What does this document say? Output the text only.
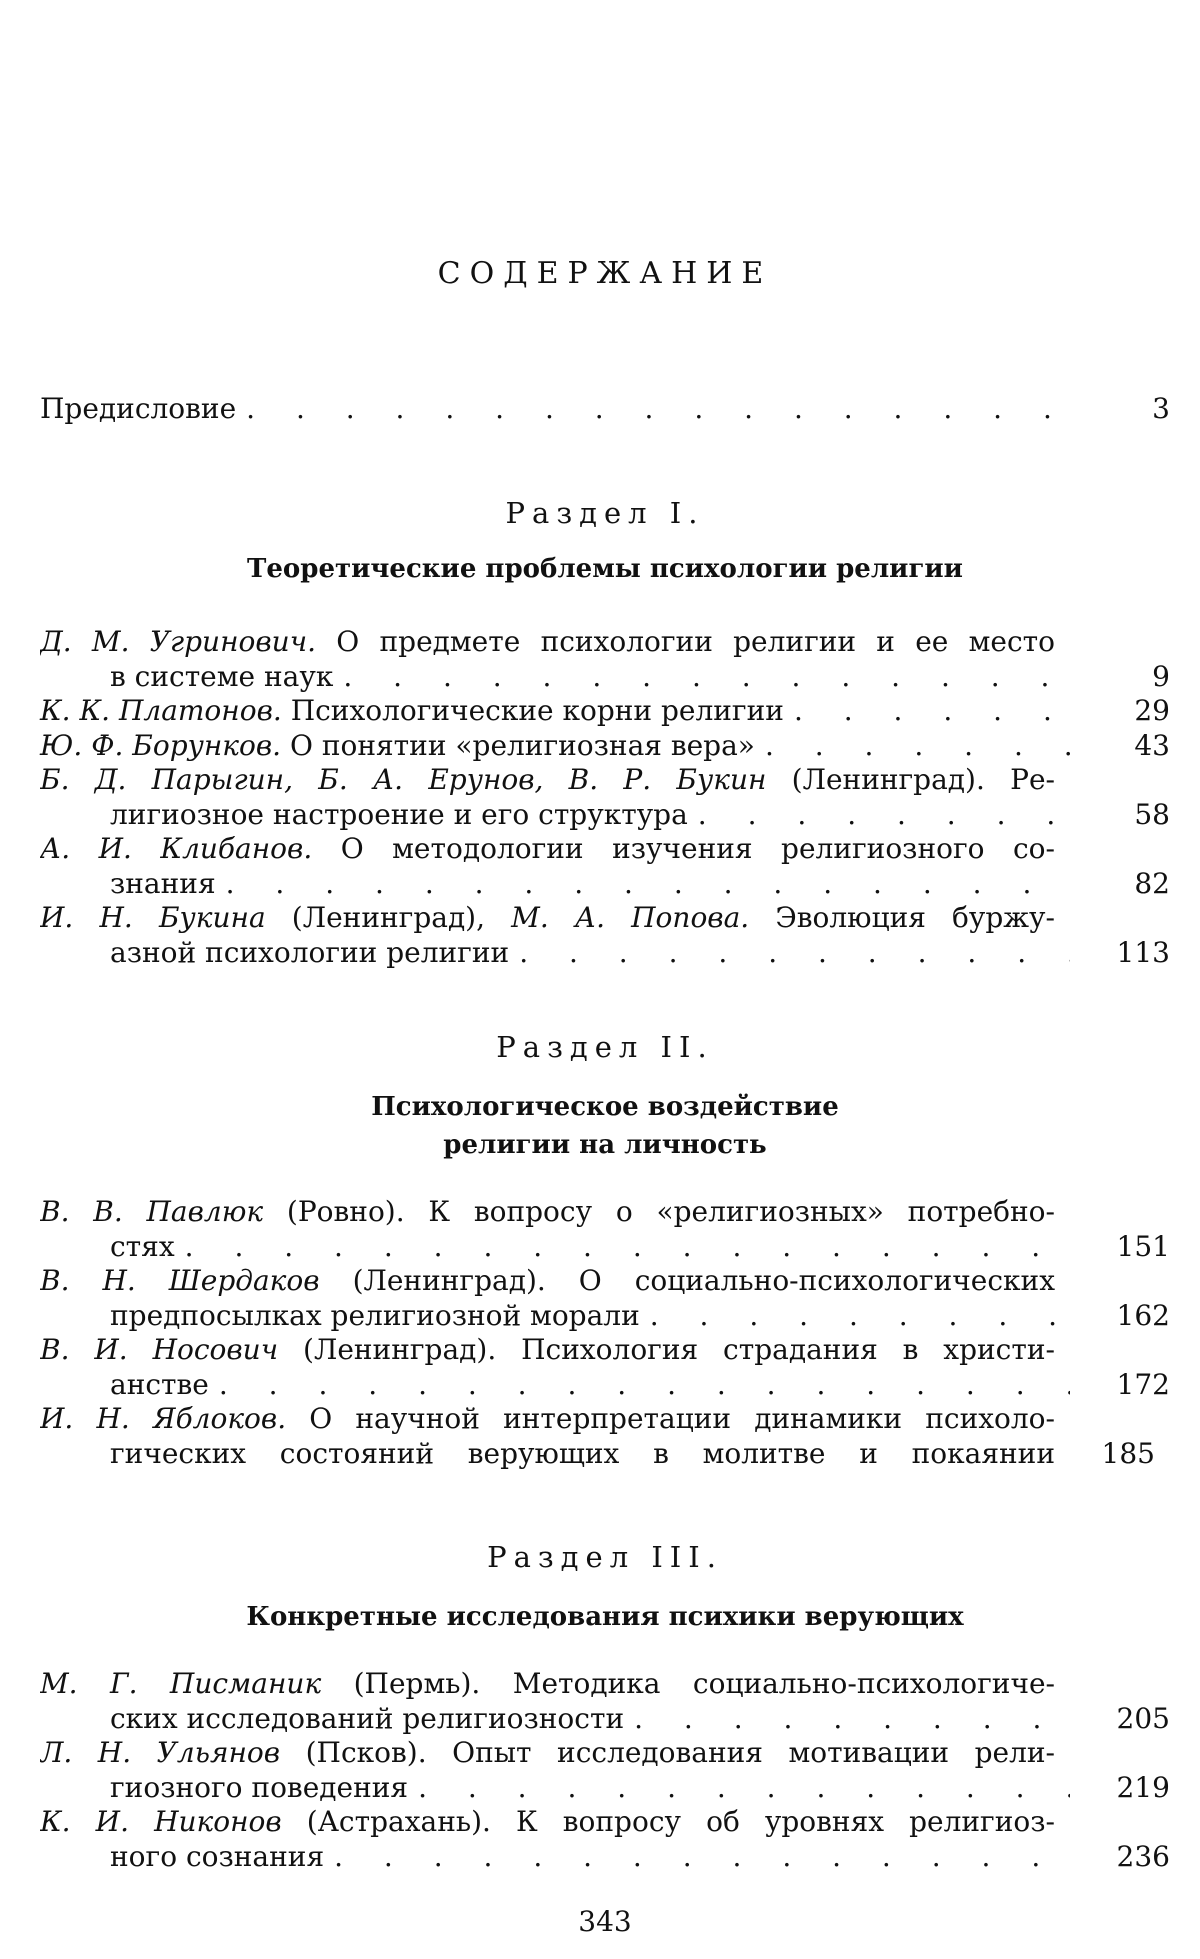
СОДЕРЖАНИЕ
Предисловие . . .	3
Раздел I.
Теоретические проблемы психологии религии
Д. М. Угринович. О предмете психологии религии и ее место
в системе наук . . .	9
К. К. Платонов. Психологические корни религии . . .	29
Ю. Ф. Борунков. О понятии «религиозная вера» . . .	43
Б. Д. Парыгин, Б. А. Ерунов, В. Р. Букин (Ленинград). Ре-
лигиозное настроение и его структура . . .	58
А. И. Клибанов. О методологии изучения религиозного со-
знания . . .	82
И. Н. Букина (Ленинград), М. А. Попова. Эволюция буржу-
азной психологии религии . . .	113
Раздел II.
Психологическое воздействие
религии на личность
В. В. Павлюк (Ровно). К вопросу о «религиозных» потребно-
стях . . .	151
В. Н. Шердаков (Ленинград). О социально-психологических
предпосылках религиозной морали . . .	162
В. И. Носович (Ленинград). Психология страдания в христи-
анстве . . .	172
И. Н. Яблоков. О научной интерпретации динамики психоло-
гических состояний верующих в молитве и покаянии	185
Раздел III.
Конкретные исследования психики верующих
М. Г. Писманик (Пермь). Методика социально-психологиче-
ских исследований религиозности . . .	205
Л. Н. Ульянов (Псков). Опыт исследования мотивации рели-
гиозного поведения . . .	219
К. И. Никонов (Астрахань). К вопросу об уровнях религиоз-
ного сознания . . .	236
343
